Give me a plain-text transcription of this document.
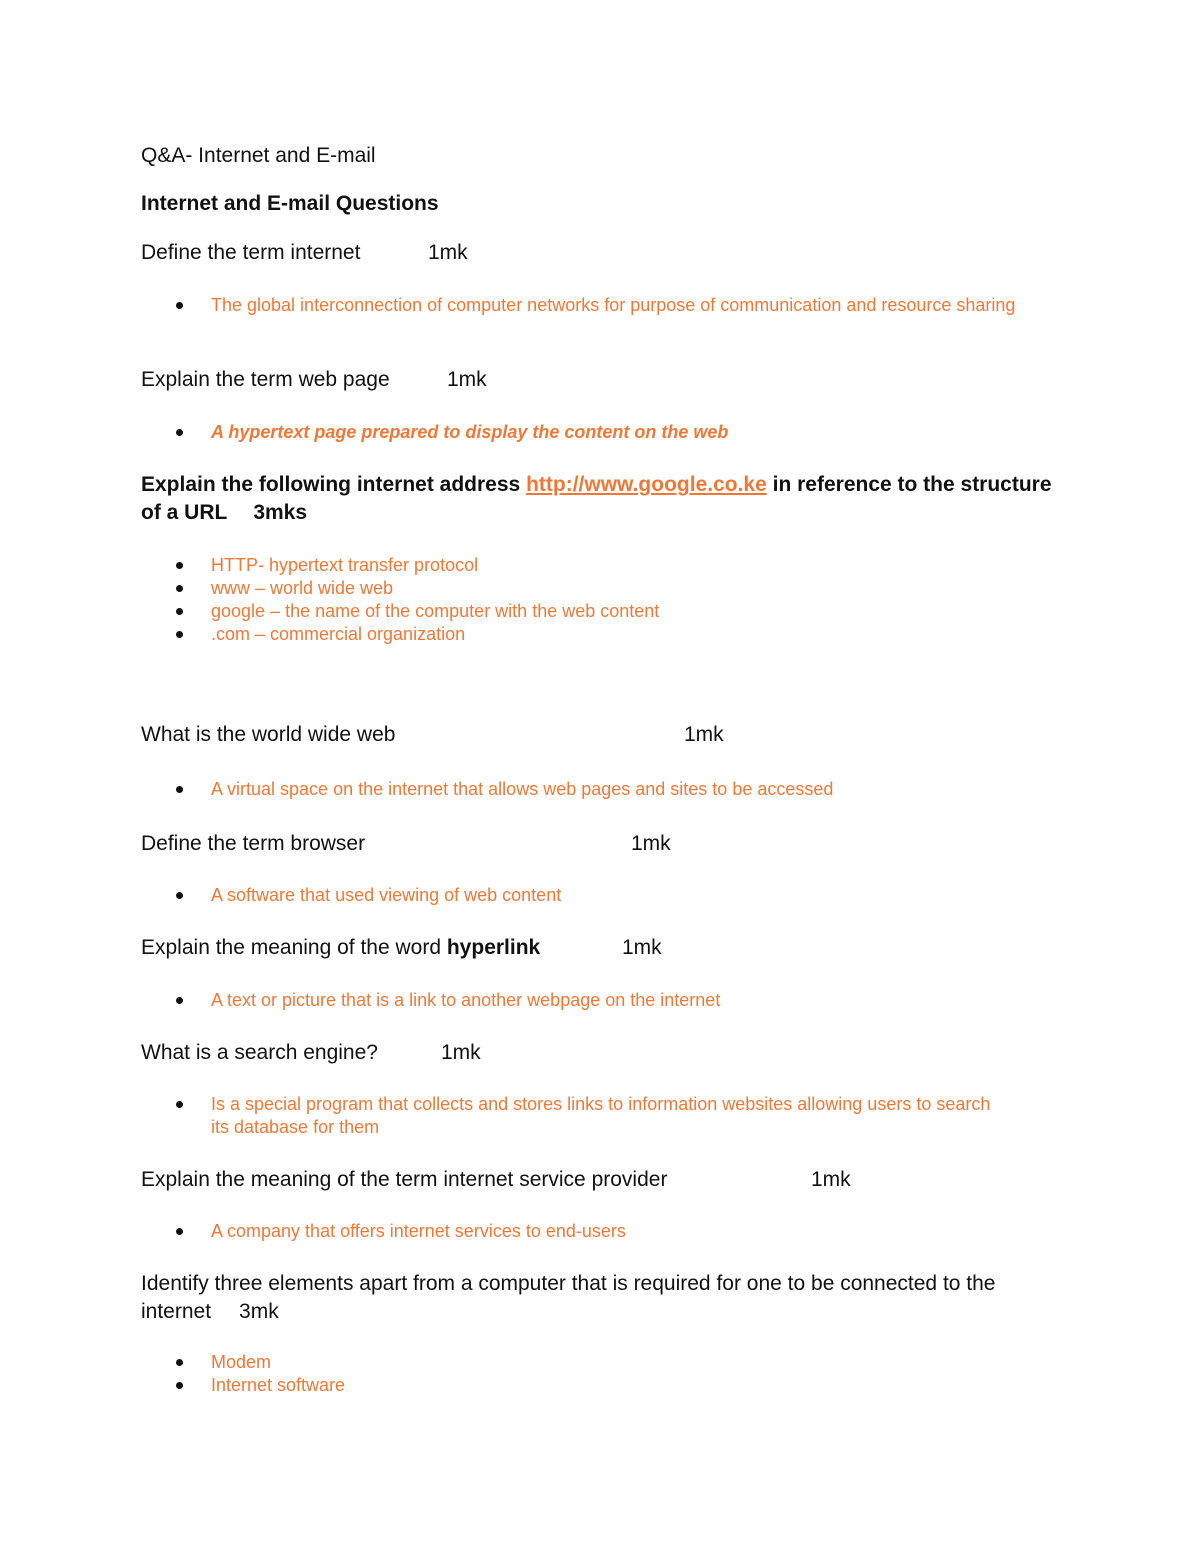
Q&A- Internet and E-mail

Internet and E-mail Questions

Define the term internet	1mk

The global interconnection of computer networks for purpose of communication and resource sharing

Explain the term web page	1mk

A hypertext page prepared to display the content on the web

Explain the following internet address http://www.google.co.ke in reference to the structure of a URL 3mks

HTTP- hypertext transfer protocol
www – world wide web
google – the name of the computer with the web content
.com – commercial organization

What is the world wide web	1mk

A virtual space on the internet that allows web pages and sites to be accessed

Define the term browser	1mk

A software that used viewing of web content

Explain the meaning of the word hyperlink	1mk

A text or picture that is a link to another webpage on the internet

What is a search engine?	1mk

Is a special program that collects and stores links to information websites allowing users to search its database for them

Explain the meaning of the term internet service provider	1mk

A company that offers internet services to end-users

Identify three elements apart from a computer that is required for one to be connected to the internet 3mk

Modem
Internet software
